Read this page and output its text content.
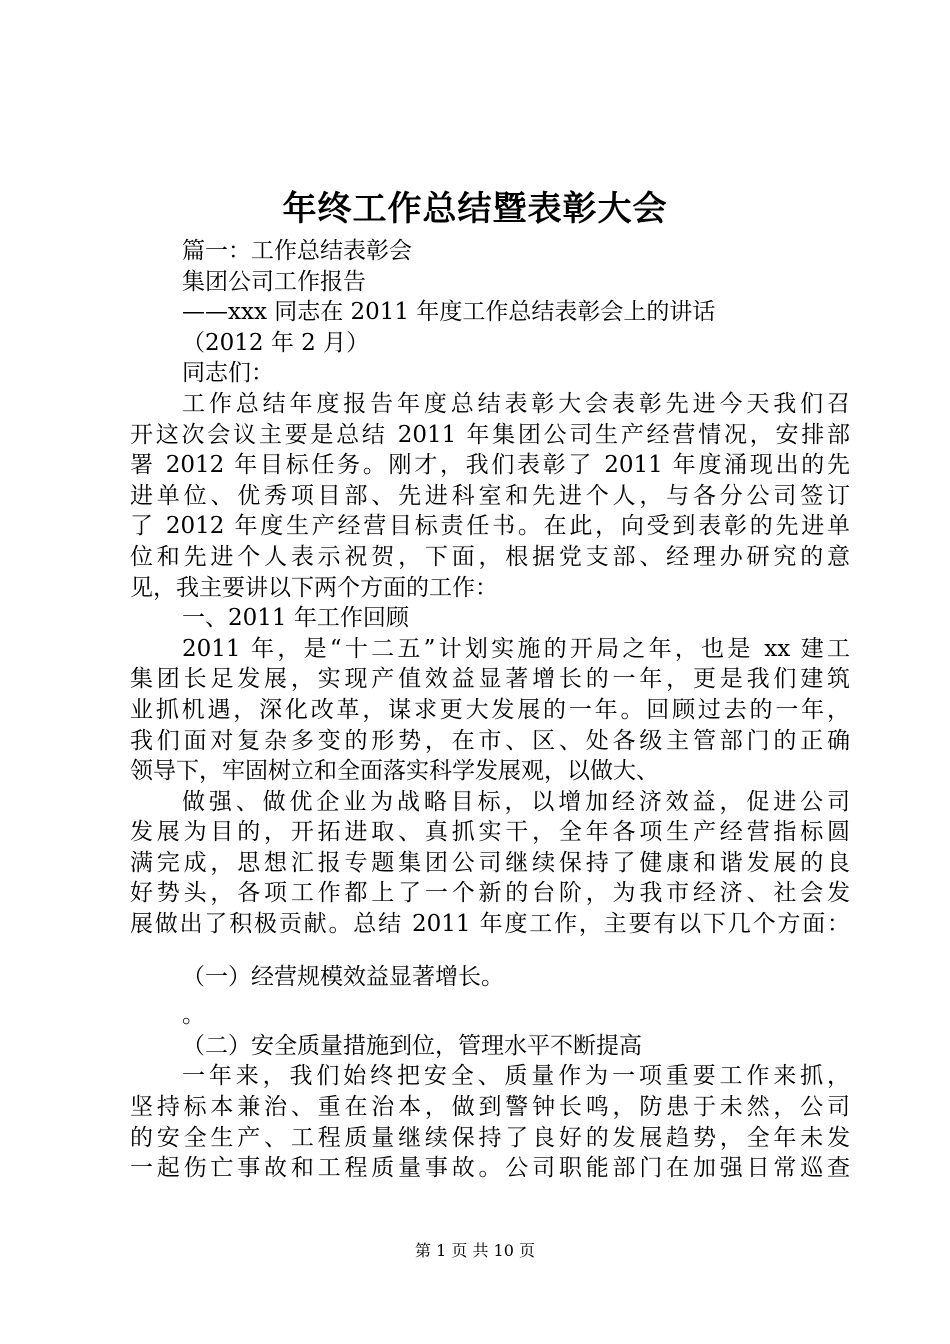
年终工作总结暨表彰大会

篇一：工作总结表彰会

集团公司工作报告

——xxx 同志在 2011 年度工作总结表彰会上的讲话

（2012 年 2 月）

同志们：

工作总结年度报告年度总结表彰大会表彰先进今天我们召

开这次会议主要是总结 2011 年集团公司生产经营情况，安排部

署 2012 年目标任务。刚才，我们表彰了 2011 年度涌现出的先

进单位、优秀项目部、先进科室和先进个人，与各分公司签订

了 2012 年度生产经营目标责任书。在此，向受到表彰的先进单

位和先进个人表示祝贺，下面，根据党支部、经理办研究的意

见，我主要讲以下两个方面的工作：

一、2011 年工作回顾

2011 年，是“十二五”计划实施的开局之年，也是 xx 建工

集团长足发展，实现产值效益显著增长的一年，更是我们建筑

业抓机遇，深化改革，谋求更大发展的一年。回顾过去的一年，

我们面对复杂多变的形势，在市、区、处各级主管部门的正确

领导下，牢固树立和全面落实科学发展观，以做大、

做强、做优企业为战略目标，以增加经济效益，促进公司

发展为目的，开拓进取、真抓实干，全年各项生产经营指标圆

满完成，思想汇报专题集团公司继续保持了健康和谐发展的良

好势头，各项工作都上了一个新的台阶，为我市经济、社会发

展做出了积极贡献。总结 2011 年度工作，主要有以下几个方面：

（一）经营规模效益显著增长。

。

（二）安全质量措施到位，管理水平不断提高

一年来，我们始终把安全、质量作为一项重要工作来抓，

坚持标本兼治、重在治本，做到警钟长鸣，防患于未然，公司

的安全生产、工程质量继续保持了良好的发展趋势，全年未发

一起伤亡事故和工程质量事故。公司职能部门在加强日常巡查

第 1 页 共 10 页
